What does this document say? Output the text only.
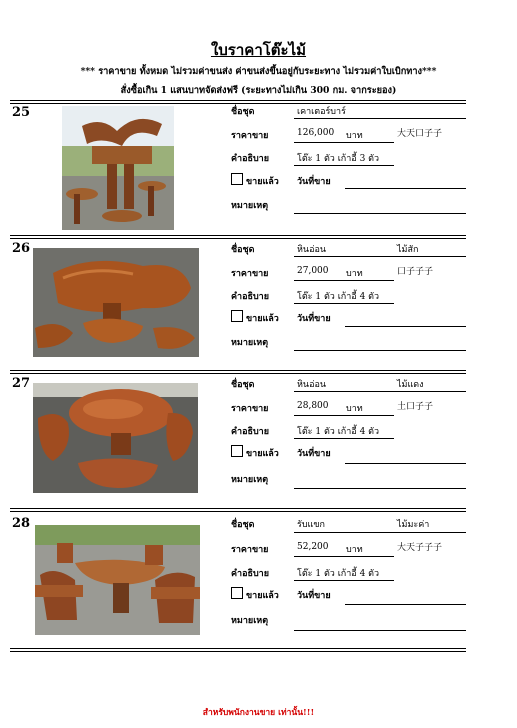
ใบราคาโต๊ะไม้
*** ราคาขาย ทั้งหมด ไม่รวมค่าขนส่ง ค่าขนส่งขึ้นอยู่กับระยะทาง ไม่รวมค่าใบเบิกทาง***
สั่งซื้อเกิน 1 แสนบาทจัดส่งฟรี (ระยะทางไม่เกิน 300 กม. จากระยอง)
25	ชื่อชุด	เคาเตอร์บาร์
ราคาขาย	126,000 บาท	大天口子子
คำอธิบาย	โต๊ะ 1 ตัว เก้าอี้ 3 ตัว
ขายแล้ว วันที่ขาย
หมายเหตุ
26	ชื่อชุด	หินอ่อน	ไม้สัก
ราคาขาย	27,000 บาท	口子子子
คำอธิบาย	โต๊ะ 1 ตัว เก้าอี้ 4 ตัว
ขายแล้ว วันที่ขาย
หมายเหตุ
27	ชื่อชุด	หินอ่อน	ไม้แดง
ราคาขาย	28,800 บาท	土口子子
คำอธิบาย	โต๊ะ 1 ตัว เก้าอี้ 4 ตัว
ขายแล้ว วันที่ขาย
หมายเหตุ
28	ชื่อชุด	รับแขก	ไม้มะค่า
ราคาขาย	52,200 บาท	大天子子子
คำอธิบาย	โต๊ะ 1 ตัว เก้าอี้ 4 ตัว
ขายแล้ว วันที่ขาย
หมายเหตุ
สำหรับพนักงานขาย เท่านั้น!!!
